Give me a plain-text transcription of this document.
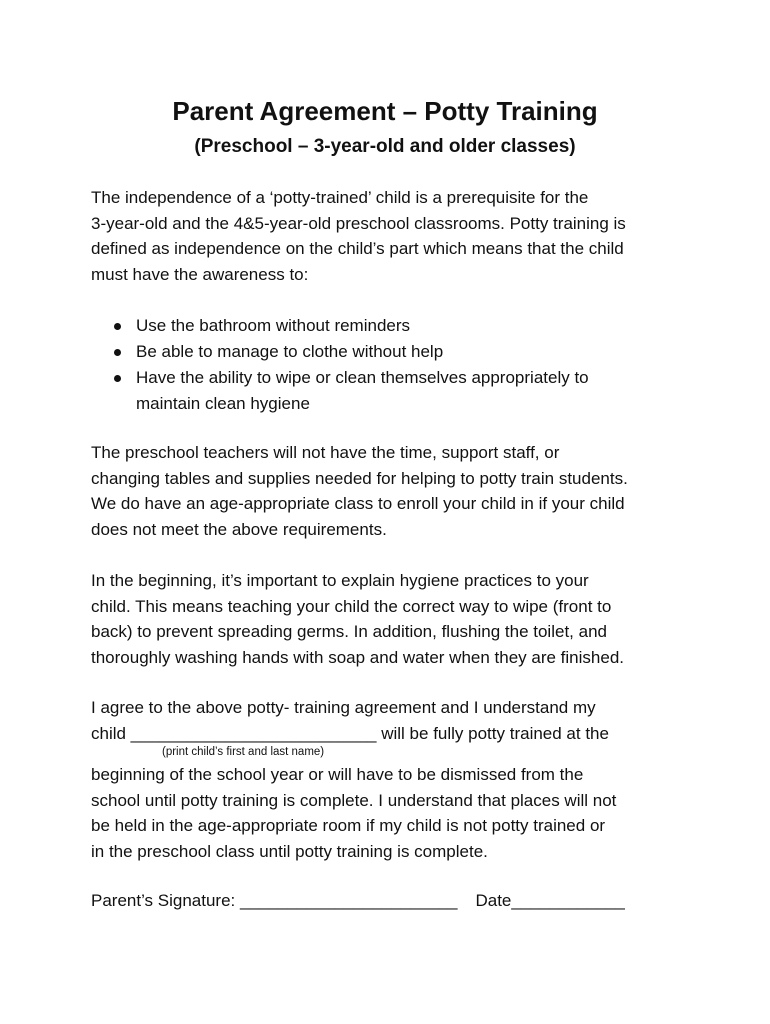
Parent Agreement – Potty Training
(Preschool – 3-year-old and older classes)
The independence of a ‘potty-trained’ child is a prerequisite for the
3-year-old and the 4&5-year-old preschool classrooms. Potty training is
defined as independence on the child’s part which means that the child
must have the awareness to:
Use the bathroom without reminders
Be able to manage to clothe without help
Have the ability to wipe or clean themselves appropriately to
maintain clean hygiene
The preschool teachers will not have the time, support staff, or
changing tables and supplies needed for helping to potty train students.
We do have an age-appropriate class to enroll your child in if your child
does not meet the above requirements.
In the beginning, it’s important to explain hygiene practices to your
child. This means teaching your child the correct way to wipe (front to
back) to prevent spreading germs. In addition, flushing the toilet, and
thoroughly washing hands with soap and water when they are finished.
I agree to the above potty- training agreement and I understand my
child __________________________ will be fully potty trained at the
(print child’s first and last name)
beginning of the school year or will have to be dismissed from the
school until potty training is complete. I understand that places will not
be held in the age-appropriate room if my child is not potty trained or
in the preschool class until potty training is complete.
Parent’s Signature: _______________________ Date____________
